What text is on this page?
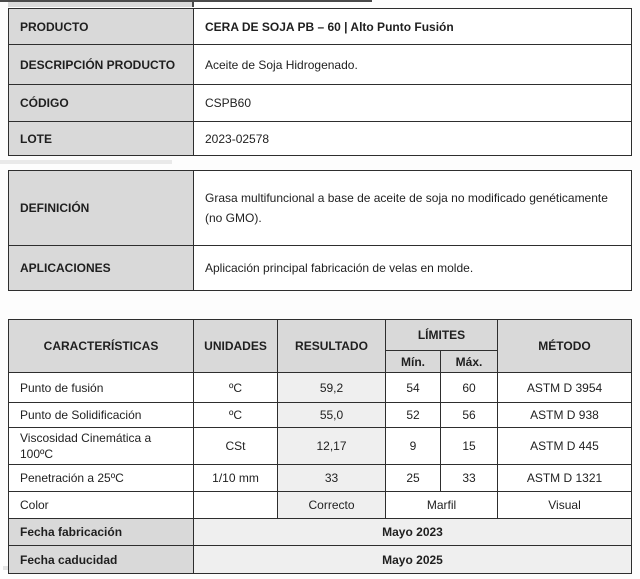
PRODUCTO	CERA DE SOJA PB – 60 | Alto Punto Fusión
DESCRIPCIÓN PRODUCTO	Aceite de Soja Hidrogenado.
CÓDIGO	CSPB60
LOTE	2023-02578
DEFINICIÓN	Grasa multifuncional a base de aceite de soja no modificado genéticamente (no GMO).
APLICACIONES	Aplicación principal fabricación de velas en molde.
CARACTERÍSTICAS	UNIDADES	RESULTADO	LÍMITES		MÉTODO
			Mín.	Máx.	
Punto de fusión	ºC	59,2	54	60	ASTM D 3954
Punto de Solidificación	ºC	55,0	52	56	ASTM D 938
Viscosidad Cinemática a 100ºC	CSt	12,17	9	15	ASTM D 445
Penetración a 25ºC	1/10 mm	33	25	33	ASTM D 1321
Color		Correcto	Marfil		Visual
Fecha fabricación	Mayo 2023				
Fecha caducidad	Mayo 2025				
